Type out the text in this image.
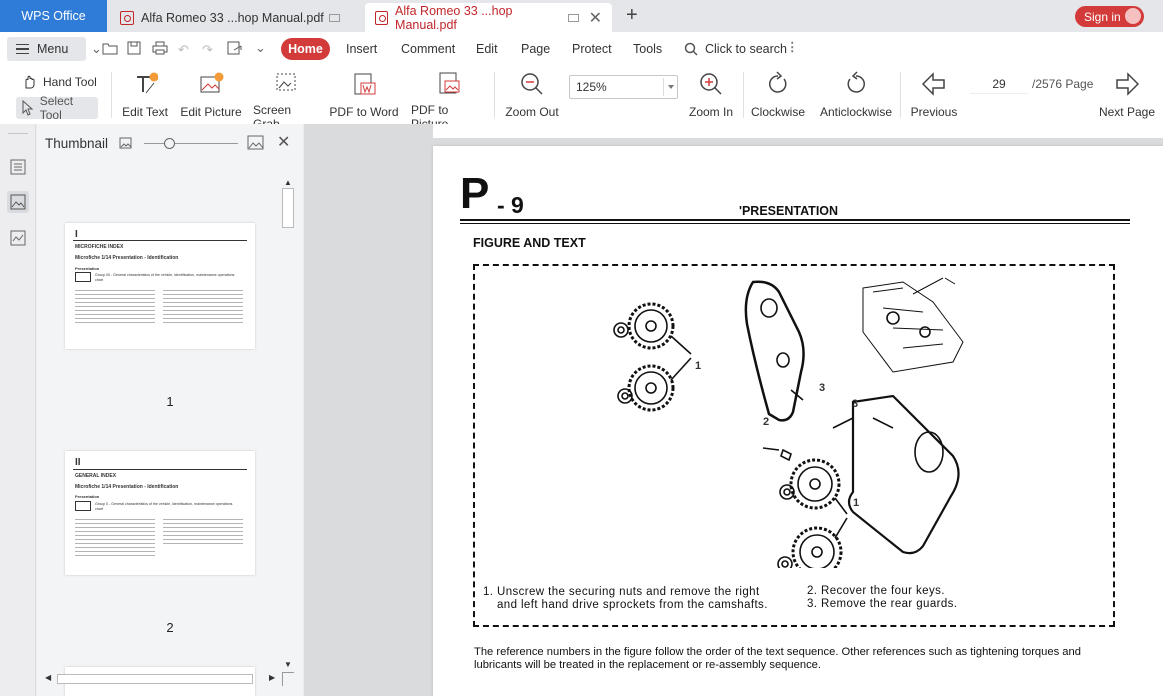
WPS Office	Alfa Romeo 33 ...hop Manual.pdf	Alfa Romeo 33 ...hop Manual.pdf	✕ +	Sign in
Menu ⌄	↶ ↷	⌄	Home	Insert Comment Edit Page Protect Tools	Click to search ⋮
Hand Tool
Select Tool	Edit Text Edit Picture Screen	PDF to Word PDF to	Zoom Out
125%
Zoom In Clockwise Anticlockwise Previous
29 /2576 Page
Next Page
Thumbnail	✕
I
MICROFICHE INDEX
Microfiche 1/14 Presentation - Identification
Presentation
Group 00 - General characteristics of the vehicle, identification, maintenance operations chart
1
II
GENERAL INDEX
Microfiche 1/14 Presentation - Identification
Presentation
Group 0 - General characteristics of the vehicle, identification, maintenance operations chart
2
▲
▼
◀	▶
P - 9	'PRESENTATION
FIGURE AND TEXT
1
3
2
3
1
1. Unscrew the securing nuts and remove the right
and left hand drive sprockets from the camshafts.
2. Recover the four keys.
3. Remove the rear guards.
The reference numbers in the figure follow the order of the text sequence. Other references such as tightening torques and
lubricants will be treated in the replacement or re-assembly sequence.
